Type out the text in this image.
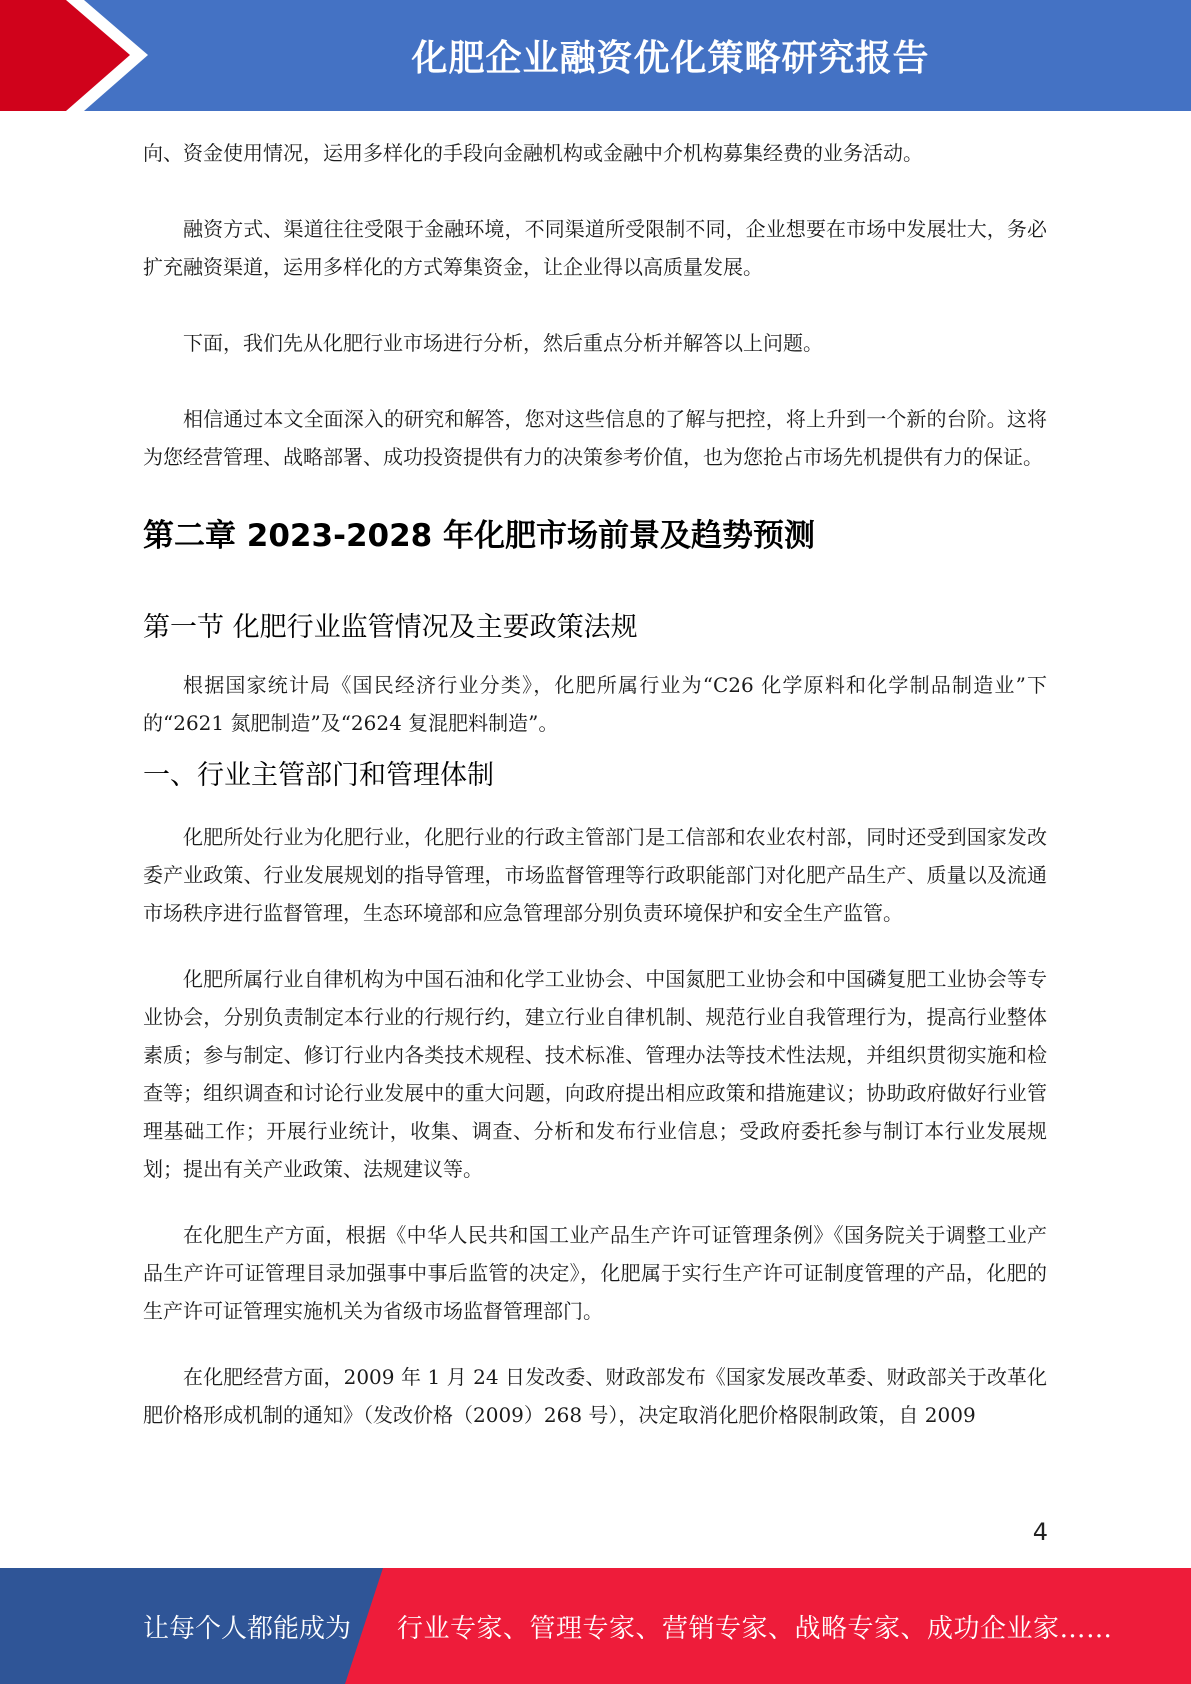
化肥企业融资优化策略研究报告

向、资金使用情况，运用多样化的手段向金融机构或金融中介机构募集经费的业务活动。

融资方式、渠道往往受限于金融环境，不同渠道所受限制不同，企业想要在市场中发展壮大，务必扩充融资渠道，运用多样化的方式筹集资金，让企业得以高质量发展。

下面，我们先从化肥行业市场进行分析，然后重点分析并解答以上问题。

相信通过本文全面深入的研究和解答，您对这些信息的了解与把控，将上升到一个新的台阶。这将为您经营管理、战略部署、成功投资提供有力的决策参考价值，也为您抢占市场先机提供有力的保证。

第二章 2023-2028 年化肥市场前景及趋势预测
第一节 化肥行业监管情况及主要政策法规

根据国家统计局《国民经济行业分类》，化肥所属行业为“C26 化学原料和化学制品制造业”下的“2621 氮肥制造”及“2624 复混肥料制造”。

一、行业主管部门和管理体制

化肥所处行业为化肥行业，化肥行业的行政主管部门是工信部和农业农村部，同时还受到国家发改委产业政策、行业发展规划的指导管理，市场监督管理等行政职能部门对化肥产品生产、质量以及流通市场秩序进行监督管理，生态环境部和应急管理部分别负责环境保护和安全生产监管。

化肥所属行业自律机构为中国石油和化学工业协会、中国氮肥工业协会和中国磷复肥工业协会等专业协会，分别负责制定本行业的行规行约，建立行业自律机制、规范行业自我管理行为，提高行业整体素质；参与制定、修订行业内各类技术规程、技术标准、管理办法等技术性法规，并组织贯彻实施和检查等；组织调查和讨论行业发展中的重大问题，向政府提出相应政策和措施建议；协助政府做好行业管理基础工作；开展行业统计，收集、调查、分析和发布行业信息；受政府委托参与制订本行业发展规划；提出有关产业政策、法规建议等。

在化肥生产方面，根据《中华人民共和国工业产品生产许可证管理条例》《国务院关于调整工业产品生产许可证管理目录加强事中事后监管的决定》，化肥属于实行生产许可证制度管理的产品，化肥的生产许可证管理实施机关为省级市场监督管理部门。

在化肥经营方面，2009 年 1 月 24 日发改委、财政部发布《国家发展改革委、财政部关于改革化肥价格形成机制的通知》（发改价格（2009）268 号），决定取消化肥价格限制政策，自 2009

4
让每个人都能成为 行业专家、管理专家、营销专家、战略专家、成功企业家……
